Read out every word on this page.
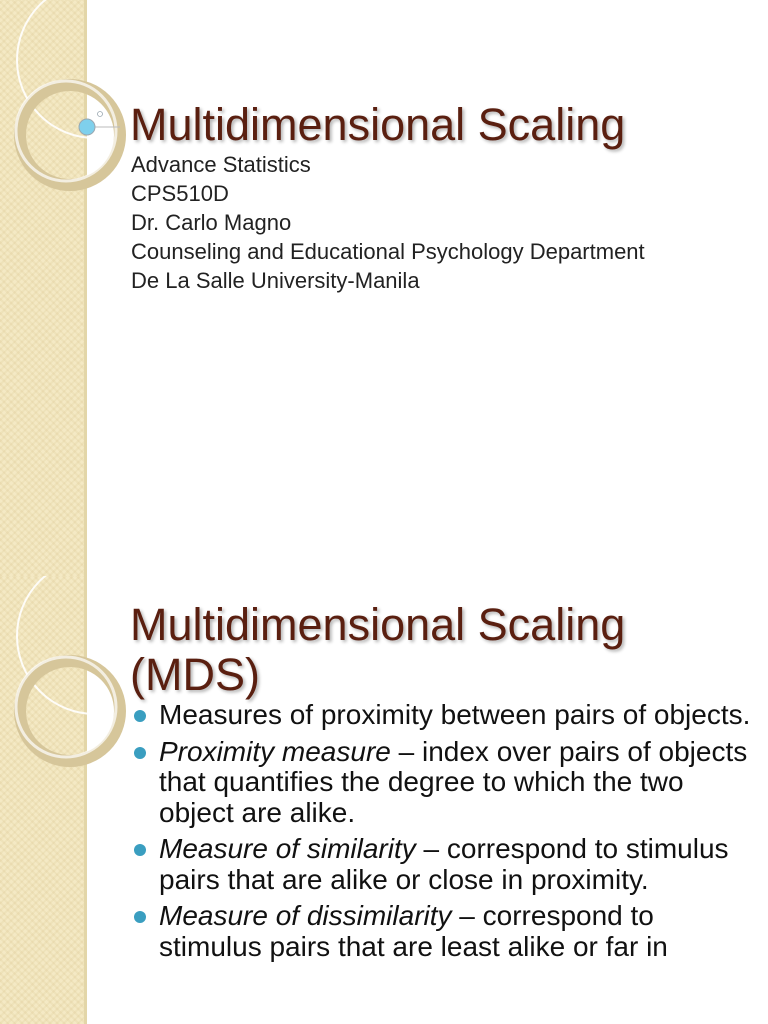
Multidimensional Scaling
Advance Statistics
CPS510D
Dr. Carlo Magno
Counseling and Educational Psychology Department
De La Salle University-Manila
Multidimensional Scaling
(MDS)
Measures of proximity between pairs of objects.
Proximity measure – index over pairs of objects that quantifies the degree to which the two object are alike.
Measure of similarity – correspond to stimulus pairs that are alike or close in proximity.
Measure of dissimilarity – correspond to stimulus pairs that are least alike or far in
